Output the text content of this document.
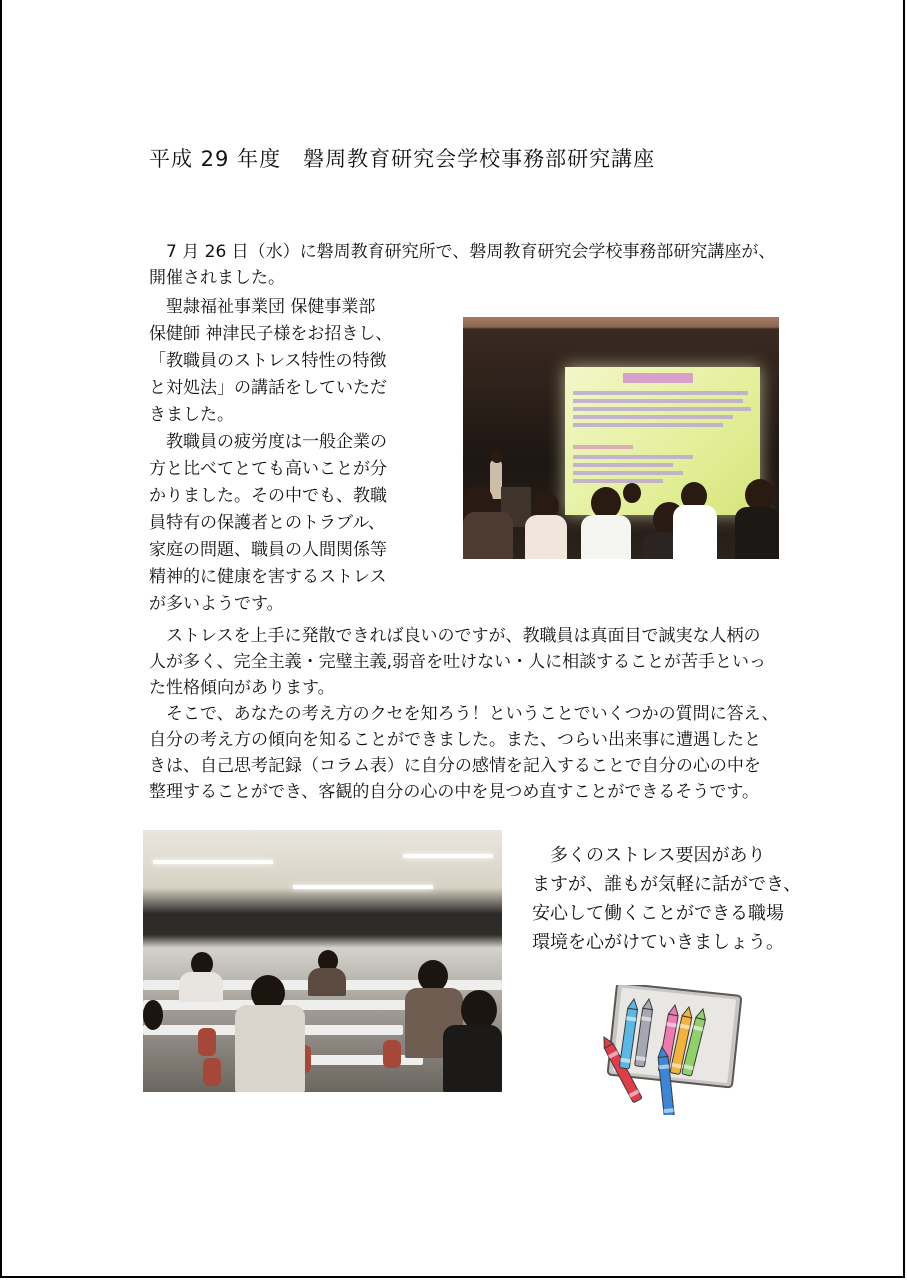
平成 29 年度　磐周教育研究会学校事務部研究講座

　7 月 26 日（水）に磐周教育研究所で、磐周教育研究会学校事務部研究講座が、

開催されました。

　聖隷福祉事業団 保健事業部

保健師 神津民子様をお招きし、

「教職員のストレス特性の特徴

と対処法」の講話をしていただ

きました。

　教職員の疲労度は一般企業の

方と比べてとても高いことが分

かりました。その中でも、教職

員特有の保護者とのトラブル、

家庭の問題、職員の人間関係等

精神的に健康を害するストレス

が多いようです。

　ストレスを上手に発散できれば良いのですが、教職員は真面目で誠実な人柄の

人が多く、完全主義・完璧主義,弱音を吐けない・人に相談することが苦手といっ

た性格傾向があります。

　そこで、あなたの考え方のクセを知ろう！ということでいくつかの質問に答え、

自分の考え方の傾向を知ることができました。また、つらい出来事に遭遇したと

きは、自己思考記録（コラム表）に自分の感情を記入することで自分の心の中を

整理することができ、客観的自分の心の中を見つめ直すことができるそうです。

　多くのストレス要因があり

ますが、誰もが気軽に話ができ、

安心して働くことができる職場

環境を心がけていきましょう。
